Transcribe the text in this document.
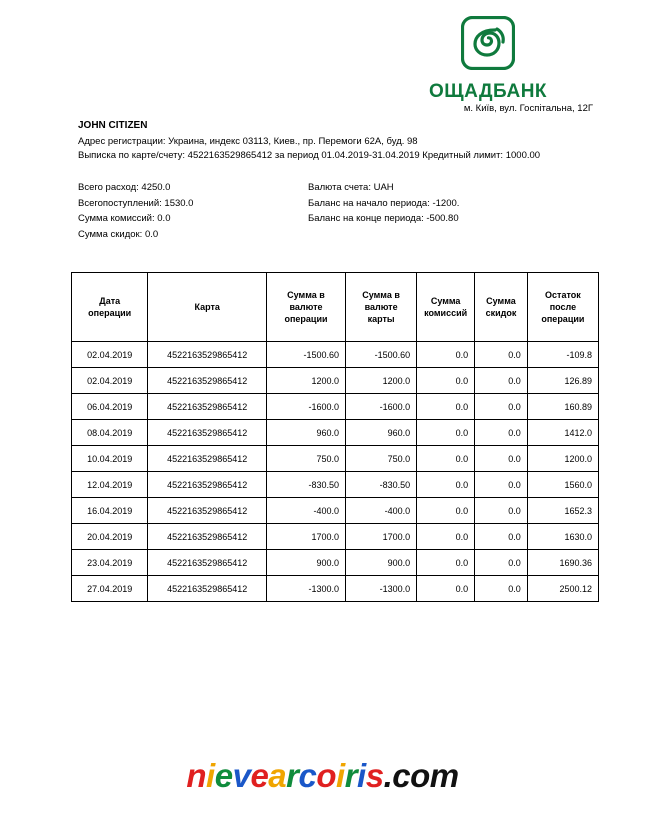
ОЩАДБАНК
м. Київ, вул. Госпітальна, 12Г
JOHN CITIZEN
Адрес регистрации: Украина, индекс 03113, Киев., пр. Перемоги 62А, буд. 98
Выписка по карте/счету: 4522163529865412 за период 01.04.2019-31.04.2019 Кредитный лимит: 1000.00
Всего расход: 4250.0
Всегопоступлений: 1530.0
Сумма комиссий: 0.0
Сумма скидок: 0.0
Валюта счета: UAH
Баланс на начало периода: -1200.
Баланс на конце периода: -500.80
Дата операции	Карта	Сумма в валюте операции	Сумма в валюте карты	Сумма комиссий	Сумма скидок	Остаток после операции
02.04.2019	4522163529865412	-1500.60	-1500.60	0.0	0.0	-109.8
02.04.2019	4522163529865412	1200.0	1200.0	0.0	0.0	126.89
06.04.2019	4522163529865412	-1600.0	-1600.0	0.0	0.0	160.89
08.04.2019	4522163529865412	960.0	960.0	0.0	0.0	1412.0
10.04.2019	4522163529865412	750.0	750.0	0.0	0.0	1200.0
12.04.2019	4522163529865412	-830.50	-830.50	0.0	0.0	1560.0
16.04.2019	4522163529865412	-400.0	-400.0	0.0	0.0	1652.3
20.04.2019	4522163529865412	1700.0	1700.0	0.0	0.0	1630.0
23.04.2019	4522163529865412	900.0	900.0	0.0	0.0	1690.36
27.04.2019	4522163529865412	-1300.0	-1300.0	0.0	0.0	2500.12
nievearcoiris.com
